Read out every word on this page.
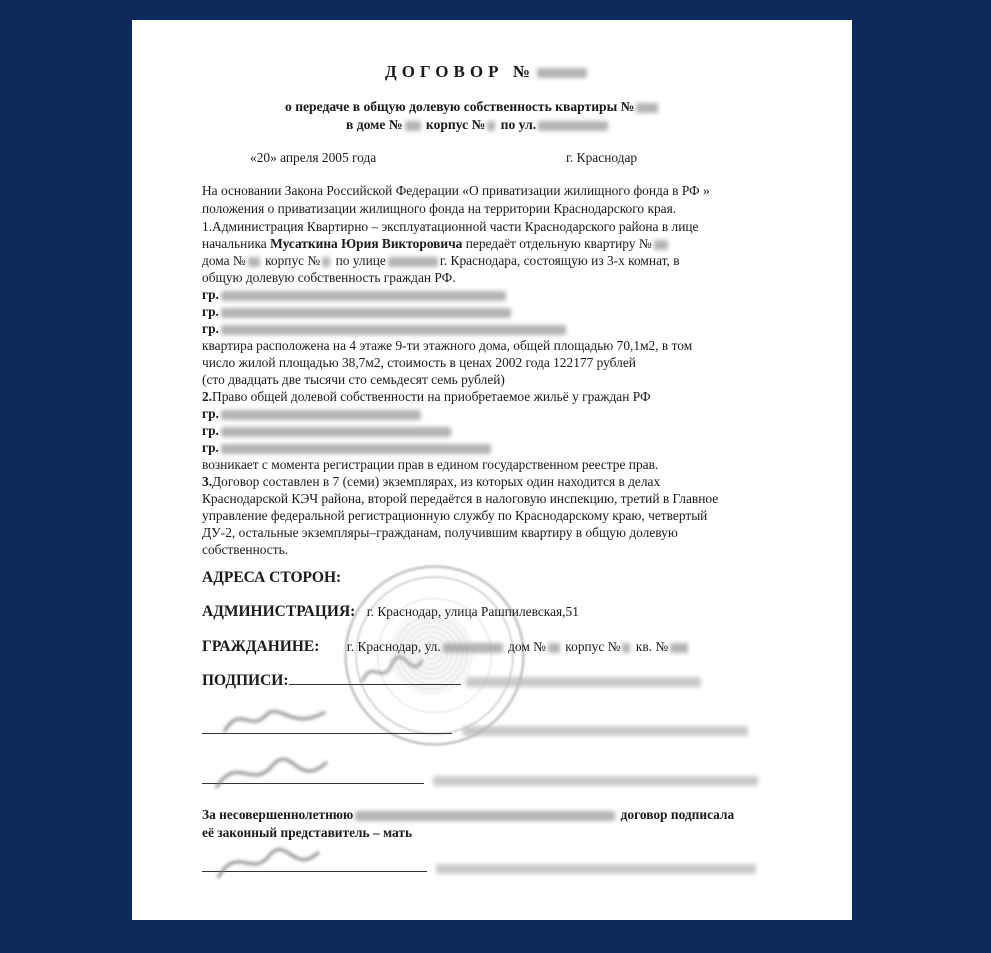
ДОГОВОР №
о передаче в общую долевую собственность квартиры №
в доме № корпус № по ул.
«20» апреля 2005 года	г. Краснодар
На основании Закона Российской Федерации «О приватизации жилищного фонда в РФ »
положения о приватизации жилищного фонда на территории Краснодарского края.
1.Администрация Квартирно – эксплуатационной части Краснодарского района в лице
начальника Мусаткина Юрия Викторовича передаёт отдельную квартиру №
дома № корпус № по улице	г. Краснодара, состоящую из 3-х комнат, в
общую долевую собственность граждан РФ.
гр.
гр.
гр.
квартира расположена на 4 этаже 9-ти этажного дома, общей площадью 70,1м2, в том
число жилой площадью 38,7м2, стоимость в ценах 2002 года 122177 рублей
(сто двадцать две тысячи сто семьдесят семь рублей)
2.Право общей долевой собственности на приобретаемое жильё у граждан РФ
гр.
гр.
гр.
возникает с момента регистрации прав в едином государственном реестре прав.
3.Договор составлен в 7 (семи) экземплярах, из которых один находится в делах
Краснодарской КЭЧ района, второй передаётся в налоговую инспекцию, третий в Главное
управление федеральной регистрационную службу по Краснодарскому краю, четвертый
ДУ-2, остальные экземпляры–гражданам, получившим квартиру в общую долевую
собственность.
АДРЕСА СТОРОН:
АДМИНИСТРАЦИЯ: г. Краснодар, улица Рашпилевская,51
ГРАЖДАНИНЕ: г. Краснодар, ул.	дом № корпус № кв. №
ПОДПИСИ:

За несовершеннолетнюю	договор подписала
её законный представитель – мать
